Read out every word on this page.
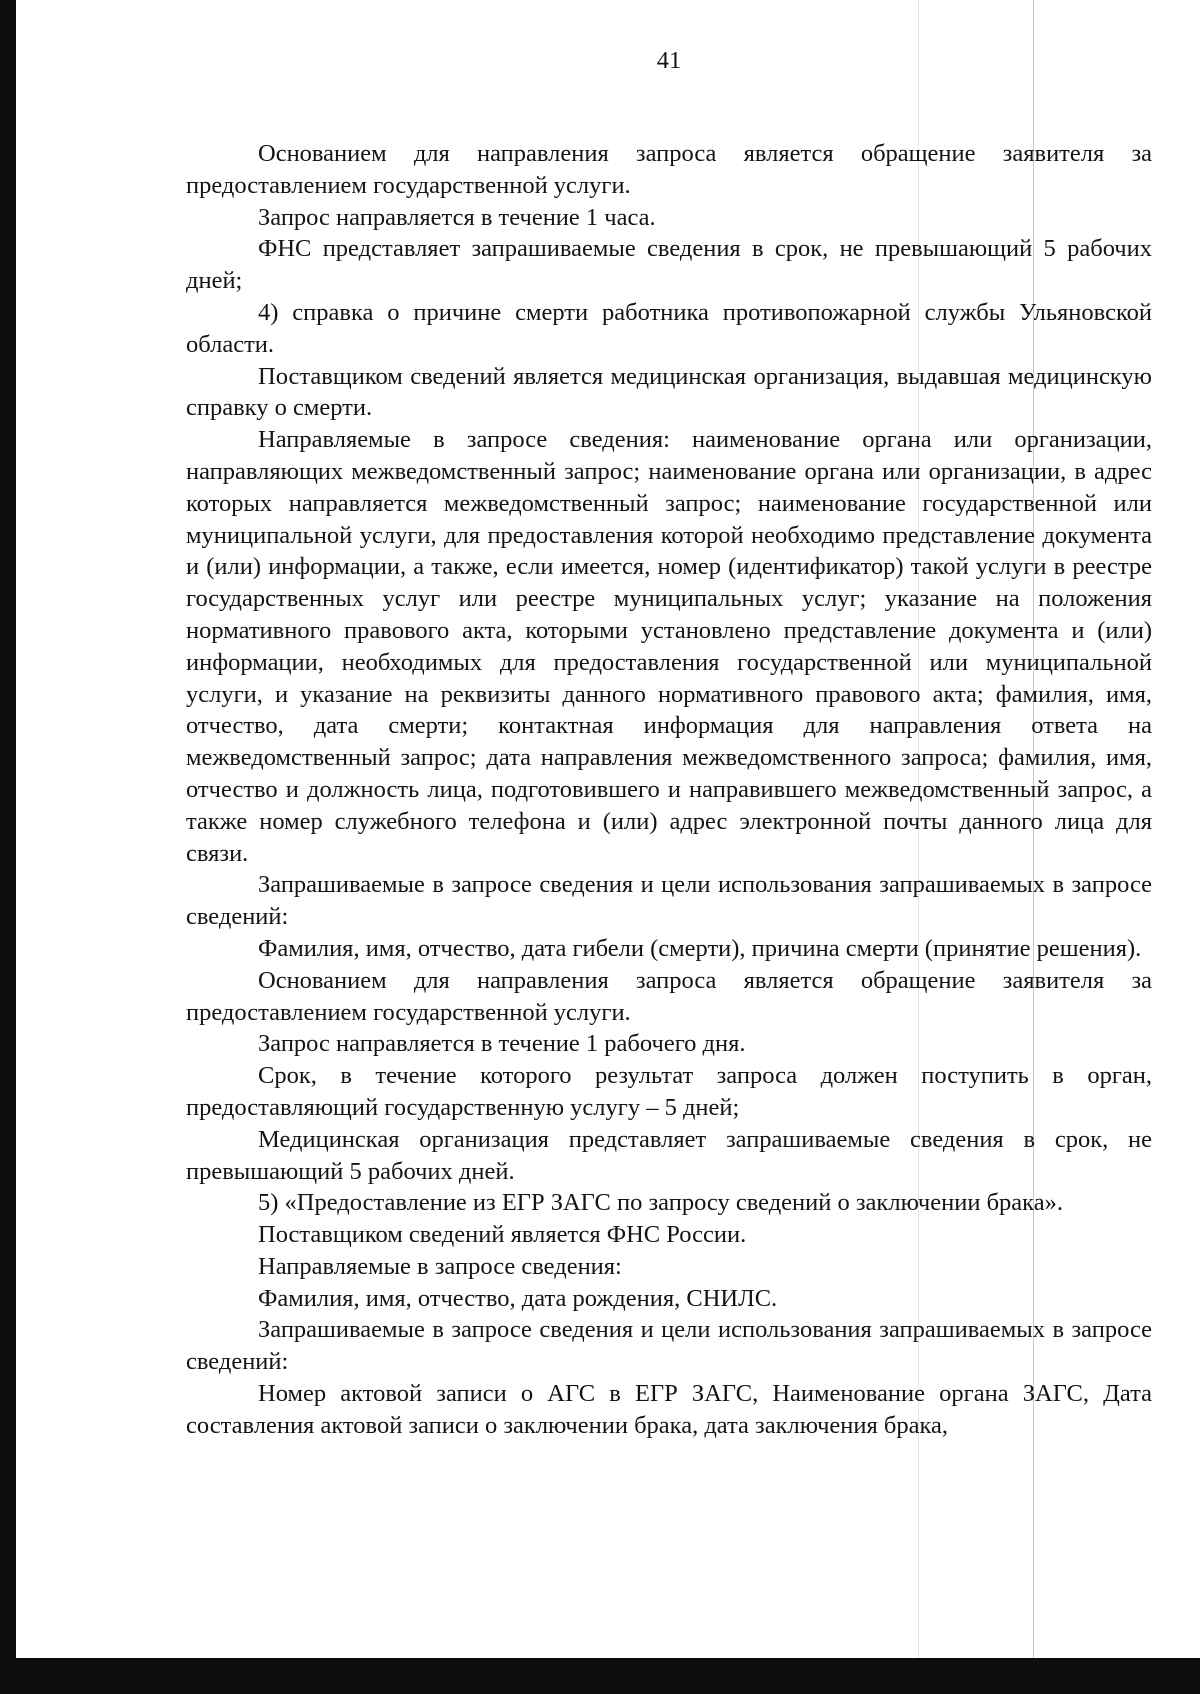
41

Основанием для направления запроса является обращение заявителя за предоставлением государственной услуги.

Запрос направляется в течение 1 часа.

ФНС представляет запрашиваемые сведения в срок, не превышающий 5 рабочих дней;

4) справка о причине смерти работника противопожарной службы Ульяновской области.

Поставщиком сведений является медицинская организация, выдавшая медицинскую справку о смерти.

Направляемые в запросе сведения: наименование органа или организации, направляющих межведомственный запрос; наименование органа или организации, в адрес которых направляется межведомственный запрос; наименование государственной или муниципальной услуги, для предоставления которой необходимо представление документа и (или) информации, а также, если имеется, номер (идентификатор) такой услуги в реестре государственных услуг или реестре муниципальных услуг; указание на положения нормативного правового акта, которыми установлено представление документа и (или) информации, необходимых для предоставления государственной или муниципальной услуги, и указание на реквизиты данного нормативного правового акта; фамилия, имя, отчество, дата смерти; контактная информация для направления ответа на межведомственный запрос; дата направления межведомственного запроса; фамилия, имя, отчество и должность лица, подготовившего и направившего межведомственный запрос, а также номер служебного телефона и (или) адрес электронной почты данного лица для связи.

Запрашиваемые в запросе сведения и цели использования запрашиваемых в запросе сведений:

Фамилия, имя, отчество, дата гибели (смерти), причина смерти (принятие решения).

Основанием для направления запроса является обращение заявителя за предоставлением государственной услуги.

Запрос направляется в течение 1 рабочего дня.

Срок, в течение которого результат запроса должен поступить в орган, предоставляющий государственную услугу – 5 дней;

Медицинская организация представляет запрашиваемые сведения в срок, не превышающий 5 рабочих дней.

5) «Предоставление из ЕГР ЗАГС по запросу сведений о заключении брака».

Поставщиком сведений является ФНС России.

Направляемые в запросе сведения:

Фамилия, имя, отчество, дата рождения, СНИЛС.

Запрашиваемые в запросе сведения и цели использования запрашиваемых в запросе сведений:

Номер актовой записи о АГС в ЕГР ЗАГС, Наименование органа ЗАГС, Дата составления актовой записи о заключении брака, дата заключения брака,
